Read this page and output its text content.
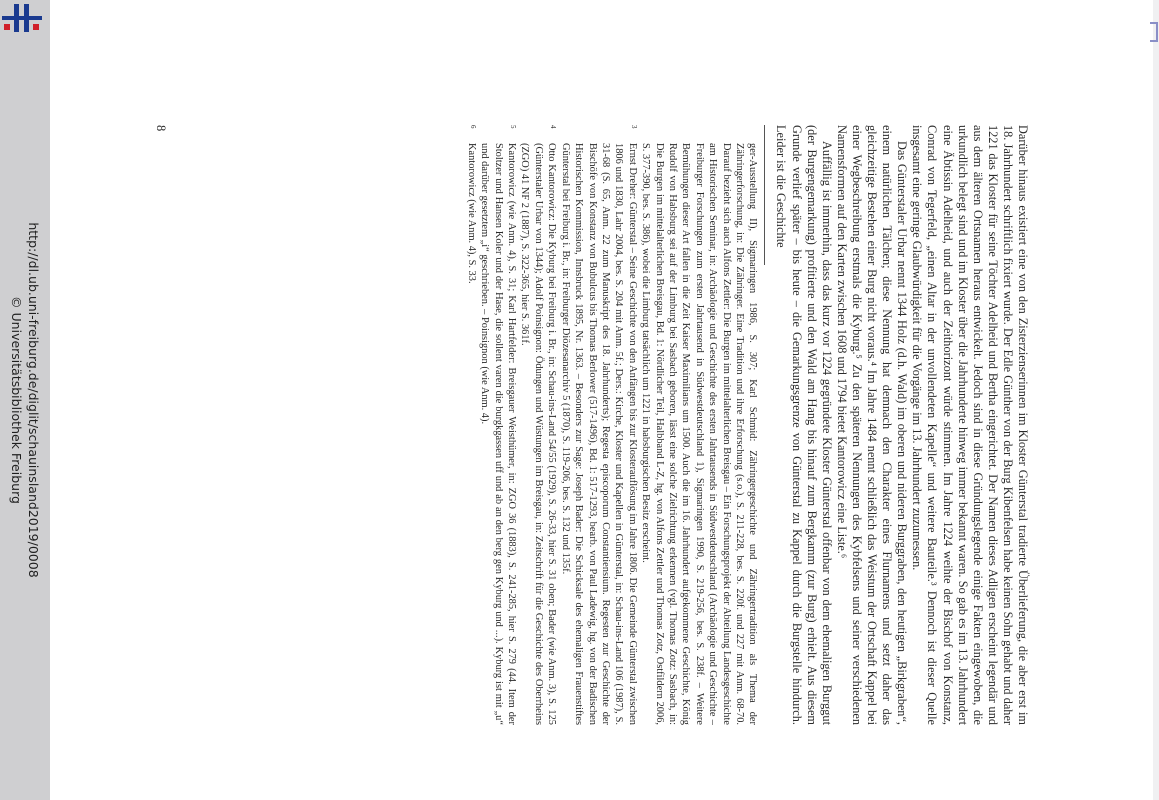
http://dl.ub.uni-freiburg.de/diglit/schauinsland2019/0008
© Universitätsbibliothek Freiburg	Darüber hinaus existiert eine von den Zisterzienserinnen im Kloster Günterstal tradierte Überlieferung, die aber erst im 18. Jahrhundert schriftlich fixiert wurde. Der Edle Günther von der Burg Kibenfelsen habe keinen Sohn gehabt und daher 1221 das Kloster für seine Töchter Adelheid und Bertha eingerichtet. Der Namen dieses Adligen erscheint legendär und aus dem älteren Ortsnamen heraus entwickelt. Jedoch sind in diese Gründungslegende einige Fakten eingewoben, die urkundlich belegt sind und im Kloster über die Jahrhunderte hinweg immer bekannt waren. So gab es im 13. Jahrhundert eine Äbtissin Adelheid, und auch der Zeithorizont würde stimmen. Im Jahre 1224 weihte der Bischof von Konstanz, Conrad von Tegerfeld, „einen Altar in der unvollendeten Kapelle“ und weitere Bauteile.³ Dennoch ist dieser Quelle insgesamt eine geringe Glaubwürdigkeit für die Vorgänge im 13. Jahrhundert zuzumessen.

Das Günterstaler Urbar nennt 1344 Holz (d.h. Wald) im oberen und nideren Burggraben, den heutigen „Birkgraben“, einem natürlichen Tälchen; diese Nennung hat demnach den Charakter eines Flurnamens und setzt daher das gleichzeitige Bestehen einer Burg nicht voraus.⁴ Im Jahre 1484 nennt schließlich das Weistum der Ortschaft Kappel bei einer Wegbeschreibung erstmals die Kyburg.⁵ Zu den späteren Nennungen des Kybfelsens und seiner verschiedenen Namensformen auf den Karten zwischen 1608 und 1794 bietet Kantorowicz eine Liste.⁶

Auffällig ist immerhin, dass das kurz vor 1224 gegründete Kloster Günterstal offenbar von dem ehemaligen Burggut (der Burgengemarkung) profitierte und den Wald am Hang bis hinauf zum Bergkamm (zur Burg) erhielt. Aus diesem Grunde verlief später – bis heute – die Gemarkungsgrenze von Günterstal zu Kappel durch die Burgstelle hindurch. Leider ist die Geschichte

ger-Ausstellung II), Sigmaringen 1986, S. 307; Karl Schmid: Zähringergeschichte und Zähringertradition als Thema der Zähringerforschung, in: Die Zähringer. Eine Tradition und ihre Erforschung (s.o.), S. 211-228, bes. S. 220f. und 227 mit Anm. 68-70. Darauf bezieht sich auch Alfons Zettler: Die Burgen im mittelalterlichen Breisgau – Ein Forschungsprojekt der Abteilung Landesgeschichte am Historischen Seminar, in: Archäologie und Geschichte des ersten Jahrtausends in Südwestdeutschland (Archäologie und Geschichte – Freiburger Forschungen zum ersten Jahrtausend in Südwestdeutschland 1), Sigmaringen 1990, S. 219-256, bes. S. 238f. – Weitere Bemühungen dieser Art fallen in die Zeit Kaiser Maximilians um 1500. Auch die im 16. Jahrhundert aufgekommene Geschichte, König Rudolf von Habsburg sei auf der Limburg bei Sasbach geboren, lässt eine solche Zielrichtung erkennen (vgl. Thomas Zotz: Sasbach, in: Die Burgen im mittelalterlichen Breisgau, Bd. 1: Nördlicher Teil, Halbband L-Z, hg. von Alfons Zettler und Thomas Zotz, Ostfildern 2006, S. 377-390, bes. S. 386), wobei die Limburg tatsächlich um 1221 in habsburgischen Besitz erscheint.
3
Ernst Dreher: Günterstal – Seine Geschichte von den Anfängen bis zur Klosterauflösung im Jahre 1806. Die Gemeinde Günterstal zwischen 1806 und 1830, Lahr 2004, bes. S. 204 mit Anm. 5f.; Ders.: Kirche, Kloster und Kapellen in Günterstal, in: Schau-ins-Land 106 (1987), S. 31-68 (S. 65, Anm. 22 zum Manuskript des 18. Jahrhunderts); Regesta episcoporum Constantiensium. Regesten zur Geschichte der Bischöfe von Konstanz von Bubulcus bis Thomas Berlower (517-1496), Bd. 1: 517-1293, bearb. von Paul Ladewig, hg. von der Badischen Historischen Kommission, Innsbruck 1895, Nr. 1363. – Besonders zur Sage: Joseph Bader: Die Schicksale des ehemaligen Frauenstiftes Günterstal bei Freiburg i. Br., in: Freiburger Diözesanarchiv 5 (1870), S. 119-206, bes. S. 132 und 135f.
4
Otto Kantorowicz: Die Kyburg bei Freiburg i. Br., in: Schau-ins-Land 54/55 (1929), S. 26-33, hier S. 31 oben; Bader (wie Anm. 3), S. 125 (Günterstaler Urbar von 1344); Adolf Poinsignon: Ödungen und Wüstungen im Breisgau, in: Zeitschrift für die Geschichte des Oberrheins (ZGO) 41 NF 2 (1887), S. 322-365, hier S. 361f.
5
Kantorowicz (wie Anm. 4), S. 31; Karl Hartfelder: Breisgauer Weisthümer, in: ZGO 36 (1883), S. 241-285, hier S. 279 (44. Item der Stoltzer und Hansen Koler und der Hase, die sollent varen die burgkgassen uff und ab an den berg gen Kyburg und ...). Kyburg ist mit „u“ und darüber gesetztem „i“ geschrieben. – Poinsignon (wie Anm. 4).
6
Kantorowicz (wie Anm. 4), S. 33.
8
